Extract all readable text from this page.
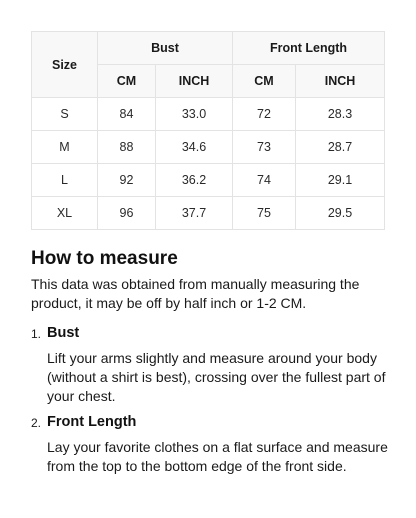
Size	Bust		Front Length	
	CM	INCH	CM	INCH
S	84	33.0	72	28.3
M	88	34.6	73	28.7
L	92	36.2	74	29.1
XL	96	37.7	75	29.5
How to measure

This data was obtained from manually measuring the product, it may be off by half inch or 1-2 CM.

1. Bust
Lift your arms slightly and measure around your body (without a shirt is best), crossing over the fullest part of your chest.
2. Front Length
Lay your favorite clothes on a flat surface and measure from the top to the bottom edge of the front side.
